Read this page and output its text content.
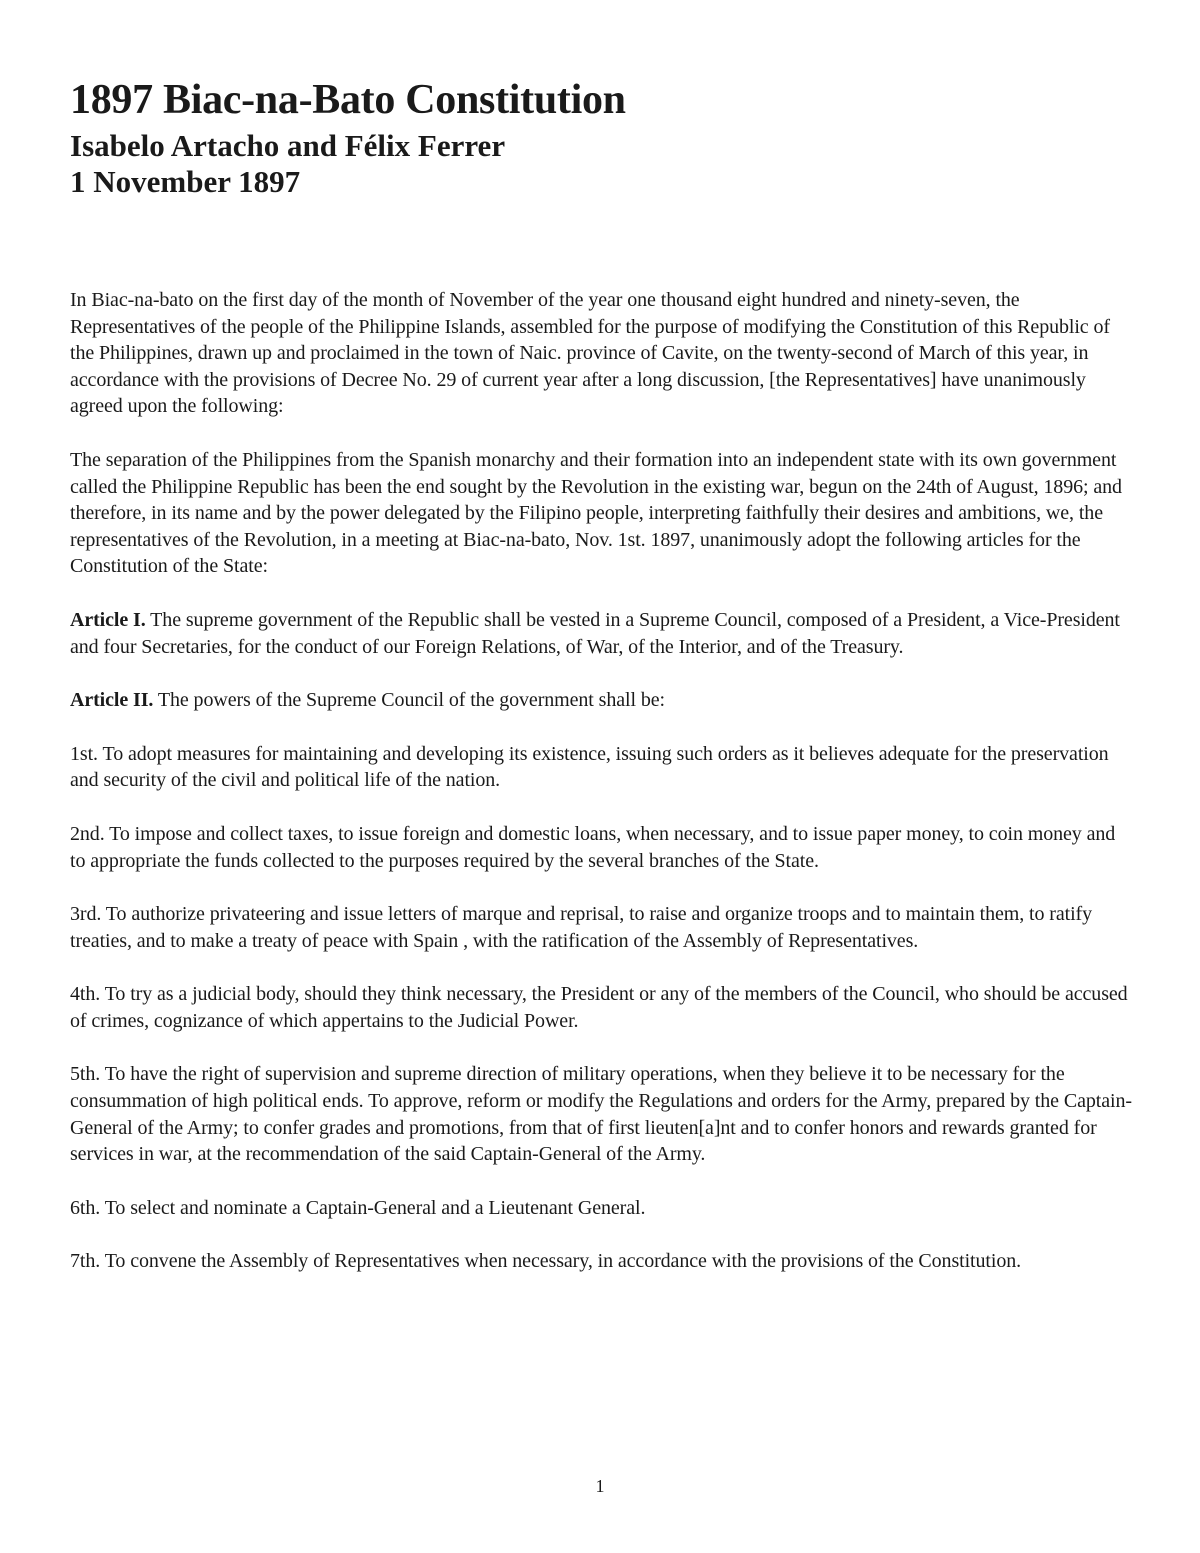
1897 Biac-na-Bato Constitution
Isabelo Artacho and Félix Ferrer
1 November 1897

In Biac-na-bato on the first day of the month of November of the year one thousand eight hundred and ninety-seven, the Representatives of the people of the Philippine Islands, assembled for the purpose of modifying the Constitution of this Republic of the Philippines, drawn up and proclaimed in the town of Naic. province of Cavite, on the twenty-second of March of this year, in accordance with the provisions of Decree No. 29 of current year after a long discussion, [the Representatives] have unanimously agreed upon the following:

The separation of the Philippines from the Spanish monarchy and their formation into an independent state with its own government called the Philippine Republic has been the end sought by the Revolution in the existing war, begun on the 24th of August, 1896; and therefore, in its name and by the power delegated by the Filipino people, interpreting faithfully their desires and ambitions, we, the representatives of the Revolution, in a meeting at Biac-na-bato, Nov. 1st. 1897, unanimously adopt the following articles for the Constitution of the State:

Article I. The supreme government of the Republic shall be vested in a Supreme Council, composed of a President, a Vice-President and four Secretaries, for the conduct of our Foreign Relations, of War, of the Interior, and of the Treasury.

Article II. The powers of the Supreme Council of the government shall be:

1st. To adopt measures for maintaining and developing its existence, issuing such orders as it believes adequate for the preservation and security of the civil and political life of the nation.

2nd. To impose and collect taxes, to issue foreign and domestic loans, when necessary, and to issue paper money, to coin money and to appropriate the funds collected to the purposes required by the several branches of the State.

3rd. To authorize privateering and issue letters of marque and reprisal, to raise and organize troops and to maintain them, to ratify treaties, and to make a treaty of peace with Spain , with the ratification of the Assembly of Representatives.

4th. To try as a judicial body, should they think necessary, the President or any of the members of the Council, who should be accused of crimes, cognizance of which appertains to the Judicial Power.

5th. To have the right of supervision and supreme direction of military operations, when they believe it to be necessary for the consummation of high political ends. To approve, reform or modify the Regulations and orders for the Army, prepared by the Captain-General of the Army; to confer grades and promotions, from that of first lieuten[a]nt and to confer honors and rewards granted for services in war, at the recommendation of the said Captain-General of the Army.

6th. To select and nominate a Captain-General and a Lieutenant General.

7th. To convene the Assembly of Representatives when necessary, in accordance with the provisions of the Constitution.

1
